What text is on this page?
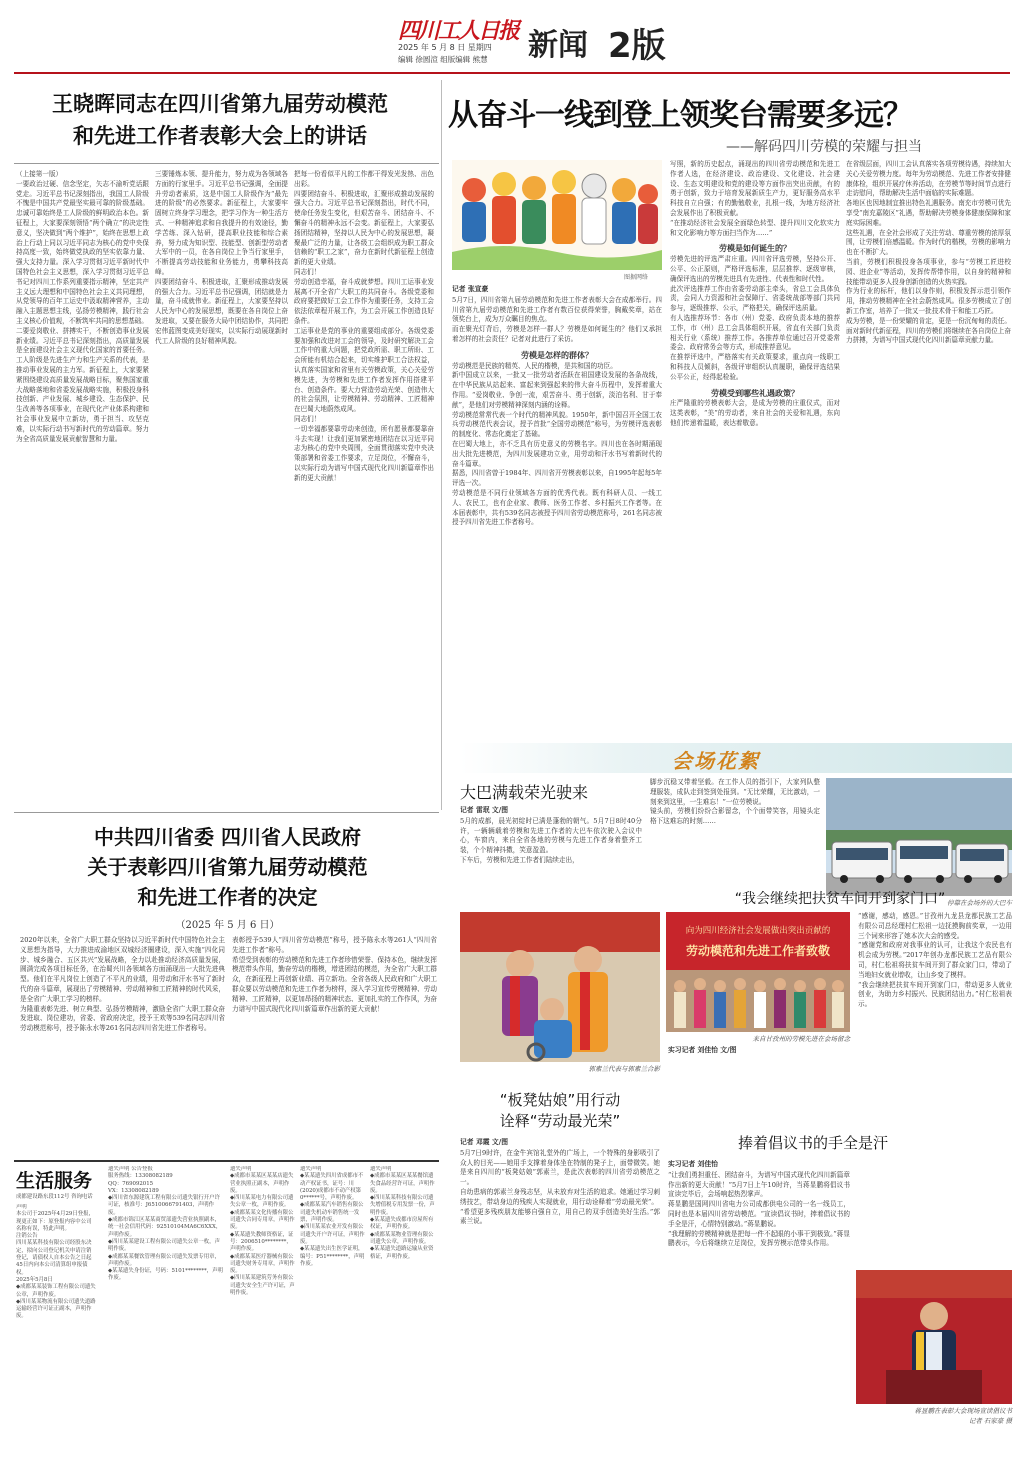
四川工人日报
2025 年 5 月 8 日 星期四
编辑 徐圆渲 组版编辑 熊慧 新闻 2版
王晓晖同志在四川省第九届劳动模范
和先进工作者表彰大会上的讲话
（上接第一版）
一要政治过硬、信念坚定，矢志不渝听党话跟党走。习近平总书记深刻指出，我国工人阶级不愧是中国共产党最坚实最可靠的阶级基础。忠诚可靠始终是工人阶级的鲜明政治本色。新征程上，大家要深刻领悟“两个确立”的决定性意义，坚决做到“两个维护”，始终在思想上政治上行动上同以习近平同志为核心的党中央保持高度一致，始终做党执政的坚实依靠力量、强大支持力量。深入学习贯彻习近平新时代中国特色社会主义思想，深入学习贯彻习近平总书记对四川工作系列重要指示精神，坚定共产主义远大理想和中国特色社会主义共同理想，从党领导的百年工运史中汲取精神营养，主动融入主题思想主线，弘扬劳模精神，践行社会主义核心价值观，不断筑牢共同的思想基础。
二要爱岗敬业、拼搏实干，不断创造事业发展新业绩。习近平总书记深刻指出，高质量发展是全面建设社会主义现代化国家的首要任务。工人阶级是先进生产力和生产关系的代表，是推动事业发展的主力军。新征程上，大家要紧紧围绕建设高质量发展战略目标，聚焦国家重大战略落地和省委发展战略实施，积极投身科技创新、产业发展、城乡建设、生态保护、民生改善等各项事业，在现代化产业体系构建和社会事业发展中立新功，勇于担当、攻坚克难，以实际行动书写新时代的劳动篇章。努力为全省高质量发展贡献智慧和力量。
三要锤炼本领、提升能力，努力成为各领域各方面的行家里手。习近平总书记强调，全面提升劳动者素质，这是中国工人阶级作为“最先进的阶级”的必然要求。新征程上，大家要牢固树立终身学习理念，把学习作为一种生活方式、一种精神追求和自我提升的有效途径，勤学苦练、深入钻研，提高职业技能和综合素养，努力成为知识型、技能型、创新型劳动者大军中的一员，在各自岗位上争当行家里手，不断提高劳动技能和业务能力，勇攀科技高峰。
四要团结奋斗、积极进取，汇聚形成推动发展的强大合力。习近平总书记强调，团结就是力量，奋斗成就伟业。新征程上，大家要坚持以人民为中心的发展思想，既要在各自岗位上奋发进取，又要在服务大局中团结协作，共同把宏伟蓝图变成美好现实，以实际行动展现新时代工人阶级的良好精神风貌。
把每一份看似平凡的工作都干得发光发热、出色出彩。
四要团结奋斗、积极进取，汇聚形成推动发展的强大合力。习近平总书记深刻指出，时代不同，使命任务发生变化，但艰苦奋斗、团结奋斗、不懈奋斗的精神永远不会变。新征程上，大家要弘扬团结精神，坚持以人民为中心的发展思想，凝聚最广泛的力量，让各级工会组织成为职工群众信赖的“职工之家”，奋力在新时代新征程上创造新的更大业绩。
同志们！
劳动创造幸福，奋斗成就梦想。四川工运事业发展离不开全省广大职工的共同奋斗。各级党委和政府要把做好工会工作作为重要任务，支持工会依法依章程开展工作，为工会开展工作创造良好条件。
工运事业是党的事业的重要组成部分。各级党委要加强和改进对工会的领导，及时研究解决工会工作中的重大问题，把党政所需、职工所盼、工会所能有机结合起来，切实维护职工合法权益，认真落实国家和省里有关劳模政策，关心关爱劳模先进，为劳模和先进工作者发挥作用搭建平台、创造条件。要大力营造劳动光荣、创造伟大的社会氛围，让劳模精神、劳动精神、工匠精神在巴蜀大地蔚然成风。
同志们！
一切幸福都要靠劳动来创造，所有愿景都要靠奋斗去实现！让我们更加紧密地团结在以习近平同志为核心的党中央周围，全面贯彻落实党中央决策部署和省委工作要求，立足岗位，不懈奋斗，以实际行动为谱写中国式现代化四川新篇章作出新的更大贡献！
从奋斗一线到登上领奖台需要多远？
——解码四川劳模的荣耀与担当
图据网络

记者 张宣豪

5月7日，四川省第九届劳动模范和先进工作者表彰大会在成都举行。四川省第九届劳动模范和先进工作者有数百位获得荣誉，胸戴奖章，站在领奖台上，成为万众瞩目的焦点。
而在聚光灯背后，劳模是怎样一群人？劳模是如何诞生的？他们又承担着怎样的社会责任？记者对此进行了采访。

劳模是怎样的群体？

劳动模范是民族的精英、人民的楷模，是共和国的功臣。
新中国成立以来，一批又一批劳动者活跃在祖国建设发展的各条战线，在中华民族从站起来、富起来到强起来的伟大奋斗历程中，发挥着重大作用。“爱岗敬业、争创一流，艰苦奋斗、勇于创新，淡泊名利、甘于奉献”，是他们对劳模精神深刻内涵的诠释。
劳动模范常常代表一个时代的精神风貌。1950年，新中国召开全国工农兵劳动模范代表会议，授予首批“全国劳动模范”称号，为劳模评选表彰的制度化、常态化奠定了基础。
在巴蜀大地上，亦不乏具有历史意义的劳模名字。四川也在各时期涌现出大批先进模范，为四川发展建功立业，用劳动和汗水书写着新时代的奋斗篇章。
据悉，四川省曾于1984年、四川省开劳模表彰以来，自1995年起每5年评选一次。
劳动模范是不同行业领域各方面的优秀代表。既有科研人员、一线工人、农民工，也有企业家、教师、医务工作者、乡村振兴工作者等。在本届表彰中，共有539名同志被授予四川省劳动模范称号，261名同志被授予四川省先进工作者称号。
写照，新的历史起点，涌现出的四川省劳动模范和先进工作者人选，在经济建设、政治建设、文化建设、社会建设、生态文明建设和党的建设等方面作出突出贡献，有的勇于创新，致力于培育发展新质生产力，更好服务高水平科技自立自强；有的勤勉敬业，扎根一线，为地方经济社会发展作出了积极贡献。
“在推动经济社会发展全面绿色转型、提升四川文化软实力和文化影响力等方面扫当作为……”

劳模是如何诞生的？

劳模先进的评选严肃庄重。四川省评选劳模，坚持公开、公平、公正原则，严格评选标准，层层推荐、逐级审核，确保评选出的劳模先进具有先进性、代表性和时代性。
此次评选推荐工作由省委劳动部主牵头，省总工会具体负责，会同人力资源和社会保障厅、省委统战部等部门共同参与，逐级推荐、公示，严格把关，确保评选质量。
有人选推荐环节：各市（州）党委、政府负责本地的推荐工作，市（州）总工会具体组织开展，省直有关部门负责相关行业（系统）推荐工作。各推荐单位通过召开党委常委会、政府常务会等方式，形成推荐意见。
在推荐评选中，严格落实有关政策要求，重点向一线职工和科技人员倾斜，各级评审组织认真履职，确保评选结果公平公正，经得起检验。

劳模受到哪些礼遇政策？

庄严隆重的劳模表彰大会，是成为劳模的庄重仪式，而对这类表彰，“美”的劳动者，来自社会的关爱和礼遇，东向他们传递着温暖，表达着敬意。
在省级层面，四川工会认真落实各项劳模待遇，持续加大关心关爱劳模力度。每年为劳动模范、先进工作者安排健康体检，组织开展疗休养活动，在劳模节等时间节点进行走访慰问，帮助解决生活中面临的实际难题。
各地区也因地制宜推出特色礼遇服务。南充市劳模可优先享受“南充嘉陵区”礼遇，帮助解决劳模身体健康保障和家庭实际困难。
这些礼遇，在全社会形成了关注劳动、尊重劳模的浓厚氛围，让劳模们倍感温暖。作为时代的楷模，劳模的影响力也在不断扩大。
当前，劳模们积极投身各项事业，参与“劳模工匠进校园、进企业”等活动，发挥传帮带作用，以自身的精神和技能带动更多人投身创新创造的火热实践。
作为行业的标杆，他们以身作则，积极发挥示范引领作用，推动劳模精神在全社会蔚然成风。很多劳模成立了创新工作室，培养了一批又一批技术骨干和能工巧匠。
成为劳模，是一份荣耀的肯定，更是一份沉甸甸的责任。面对新时代新征程，四川的劳模们将继续在各自岗位上奋力拼搏，为谱写中国式现代化四川新篇章贡献力量。
中共四川省委 四川省人民政府
关于表彰四川省第九届劳动模范
和先进工作者的决定
（2025 年 5 月 6 日）
2020年以来，全省广大职工群众坚持以习近平新时代中国特色社会主义思想为指导，大力推进成渝地区双城经济圈建设，深入实施“四化同步、城乡融合、五区共兴”发展战略，全力以赴推动经济高质量发展，圆满完成各项目标任务，在治蜀兴川各领域各方面涌现出一大批先进典型。他们在平凡岗位上创造了不平凡的业绩，用劳动和汗水书写了新时代的奋斗篇章，展现出了劳模精神、劳动精神和工匠精神的时代风采，是全省广大职工学习的榜样。
为隆重表彰先进、树立典型、弘扬劳模精神，激励全省广大职工群众奋发进取、岗位建功，省委、省政府决定，授予王欢等539名同志四川省劳动模范称号，授予陈永水等261名同志四川省先进工作者称号。
表彰授予539人“四川省劳动模范”称号，授予陈永水等261人“四川省先进工作者”称号。
希望受到表彰的劳动模范和先进工作者珍惜荣誉、保持本色，继续发挥模范带头作用，勤奋劳动的楷模，增进团结的模范，为全省广大职工群众，在新征程上再创新业绩、再立新功。全省各级人民政府和广大职工群众要以劳动模范和先进工作者为榜样，深入学习宣传劳模精神、劳动精神、工匠精神，以更加昂扬的精神状态、更加扎实的工作作风，为奋力谱写中国式现代化四川新篇章作出新的更大贡献！
生活服务
成都建设路东段112号 咨询电话
声明
本公司于2025年4月29日登报，现更正如下：原登报内容中公司名称有误，特此声明。
注销公告
四川某某科技有限公司经股东决定，拟向公司登记机关申请注销登记，请债权人自本公告之日起45日内向本公司清算组申报债权。
2025年5月8日
◆成都某某装饰工程有限公司遗失公章，声明作废。
◆四川某某物流有限公司遗失道路运输经营许可证正副本，声明作废。
遗失声明 公告登报
服务热线：13308082189
QQ：769092015
VX：13308082189
◆四川省东源建筑工程有限公司遗失银行开户许可证，核准号：J6510066791403，声明作废。
◆成都市锦江区某某商贸部遗失营业执照副本，统一社会信用代码：92510104MA6C6XXX，声明作废。
◆四川某某建设工程有限公司遗失公章一枚，声明作废。
◆成都某某餐饮管理有限公司遗失发票专用章，声明作废。
◆某某遗失身份证，号码：5101********，声明作废。
遗失声明
◆成都市某某区某某店遗失营业执照正副本，声明作废。
◆四川某某电力有限公司遗失公章一枚，声明作废。
◆成都某某文化传播有限公司遗失合同专用章，声明作废。
◆某某遗失教师资格证，证号：2006510********，声明作废。
◆成都某某医疗器械有限公司遗失财务专用章，声明作废。
◆四川某某建筑劳务有限公司遗失安全生产许可证，声明作废。
遗失声明
◆某某遗失四川省成都市不动产权证书，证号：川(2020)成都市不动产权第0******号，声明作废。
◆成都某某汽车销售有限公司遗失机动车销售统一发票，声明作废。
◆四川某某农业开发有限公司遗失开户许可证，声明作废。
◆某某遗失出生医学证明，编号：P51********，声明作废。
遗失声明
◆成都市某某区某某餐馆遗失食品经营许可证，声明作废。
◆四川某某科技有限公司遗失增值税专用发票一份，声明作废。
◆某某遗失成都市房屋所有权证，声明作废。
◆成都某某物业管理有限公司遗失公章，声明作废。
◆某某遗失道路运输从业资格证，声明作废。
会场花絮
大巴满载荣光驶来

记者 雷珉 文/图

5月的成都，晨光初绽时已满是蓬勃的朝气。5月7日8时40分许，一辆辆载着劳模和先进工作者的大巴车依次驶入会议中心，车窗内，来自全省各地的劳模与先进工作者身着整齐工装，个个精神抖擞，笑意盈盈。
下车后，劳模和先进工作者们陆续走出，
脚步沉稳又带着坚毅。在工作人员的指引下，大家列队整理服装，成队走到签到处报到。“无比荣耀，无比激动，一刻来到这里，一生难忘！”一位劳模说。
镜头前，劳模们纷纷合影留念，个个面带笑容，用镜头定格下这难忘的时刻……
停靠在会场外的大巴车
郭素兰代表与郭素兰合影
“板凳姑娘”用行动
诠释“劳动最光荣”

记者 邓霞 文/图

5月7日9时许，在金牛宾馆礼堂外的广场上，一个特殊的身影吸引了众人的目光——她用手支撑着身体坐在特制的凳子上，面带微笑。她是来自四川的“板凳姑娘”郭素兰，是此次表彰的四川省劳动模范之一。
自幼患病的郭素兰身残志坚，从未放弃对生活的追求。她通过学习刺绣技艺，带动身边的残疾人实现就业，用行动诠释着“劳动最光荣”。
“希望更多残疾朋友能够自强自立，用自己的双手创造美好生活。”郭素兰说。
向为四川经济社会发展做出突出贡献的
劳动模范和先进工作者致敬
来自甘孜州的劳模先进在会场留念
“我会继续把扶贫车间开到家门口”

实习记者 刘佳怡 文/图

“感谢，感动，感恩。”甘孜州九龙县龙都民族工艺品有限公司总经理村仁松祖一边抚摸胸前奖章，一边用三个词来形容了她本次大会的感受。
“感谢党和政府对我事业的认可，让我这个农民也有机会成为劳模。”2017年创办龙都民族工艺品有限公司，村仁松祖将扶贫车间开到了群众家门口，带动了当地妇女就业增收，让山乡变了模样。
“我会继续把扶贫车间开到家门口，带动更多人就业创业，为助力乡村振兴、民族团结出力。”村仁松祖表示。
捧着倡议书的手全是汗

实习记者 刘佳怡

“让我们勇担重任、团结奋斗，为谱写中国式现代化四川新篇章作出新的更大贡献！”5月7日上午10时许，当蒋显鹏将倡议书宣读完毕后，会场响起热烈掌声。
蒋显鹏是国网四川省电力公司成都供电公司的一名一线员工，同时也是本届四川省劳动模范。“宣读倡议书时，捧着倡议书的手全是汗，心情特别激动。”蒋显鹏说。
“我理解的劳模精神就是把每一件不起眼的小事干到极致。”蒋显鹏表示，今后将继续立足岗位，发挥劳模示范带头作用。
蒋显鹏在表彰大会现场宣读倡议书
记者 石家豪 摄
